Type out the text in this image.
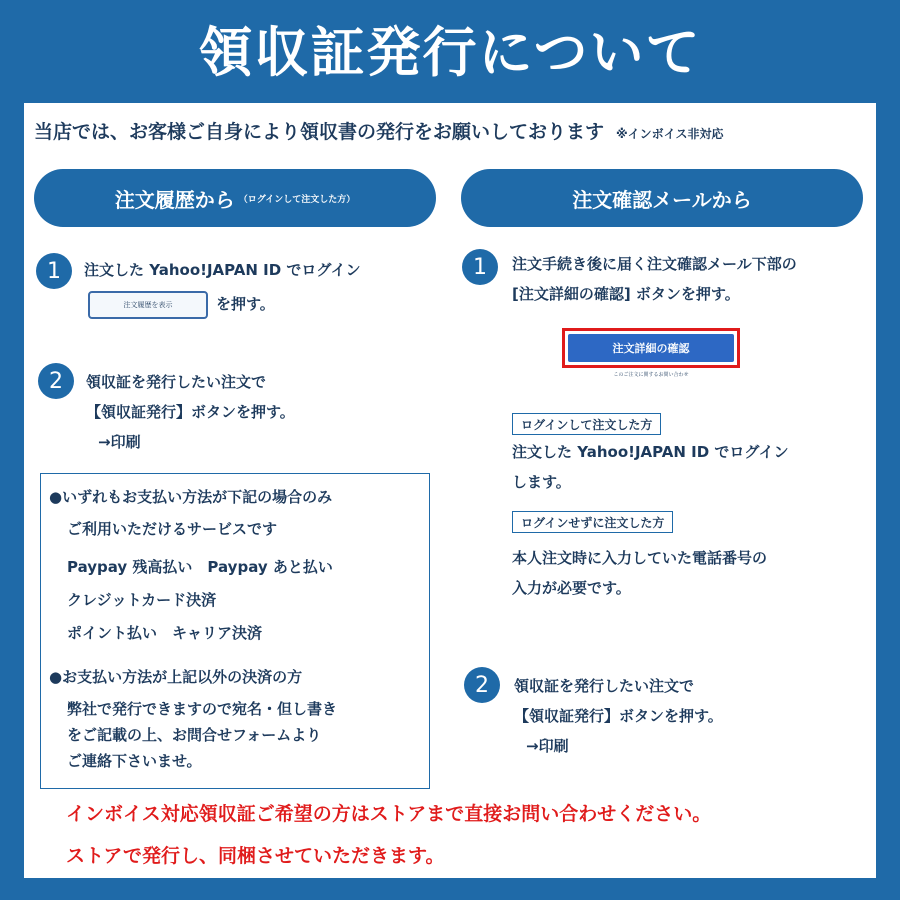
領収証発行について
当店では、お客様ご自身により領収書の発行をお願いしております ※インボイス非対応
注文履歴から （ログインして注文した方）
1	注文した Yahoo!JAPAN ID でログイン
注文履歴を表示	を押す。
2	領収証を発行したい注文で
【領収証発行】ボタンを押す。
→印刷
●いずれもお支払い方法が下記の場合のみ
ご利用いただけるサービスです
Paypay 残高払い　Paypay あと払い
クレジットカード決済
ポイント払い　キャリア決済
●お支払い方法が上記以外の決済の方
弊社で発行できますので宛名・但し書き
をご記載の上、お問合せフォームより
ご連絡下さいませ。
注文確認メールから
1	注文手続き後に届く注文確認メール下部の
[注文詳細の確認] ボタンを押す。
注文詳細の確認
このご注文に関するお問い合わせ
ログインして注文した方
注文した Yahoo!JAPAN ID でログイン
します。
ログインせずに注文した方
本人注文時に入力していた電話番号の
入力が必要です。
2	領収証を発行したい注文で
【領収証発行】ボタンを押す。
→印刷
インボイス対応領収証ご希望の方はストアまで直接お問い合わせください。
ストアで発行し、同梱させていただきます。
